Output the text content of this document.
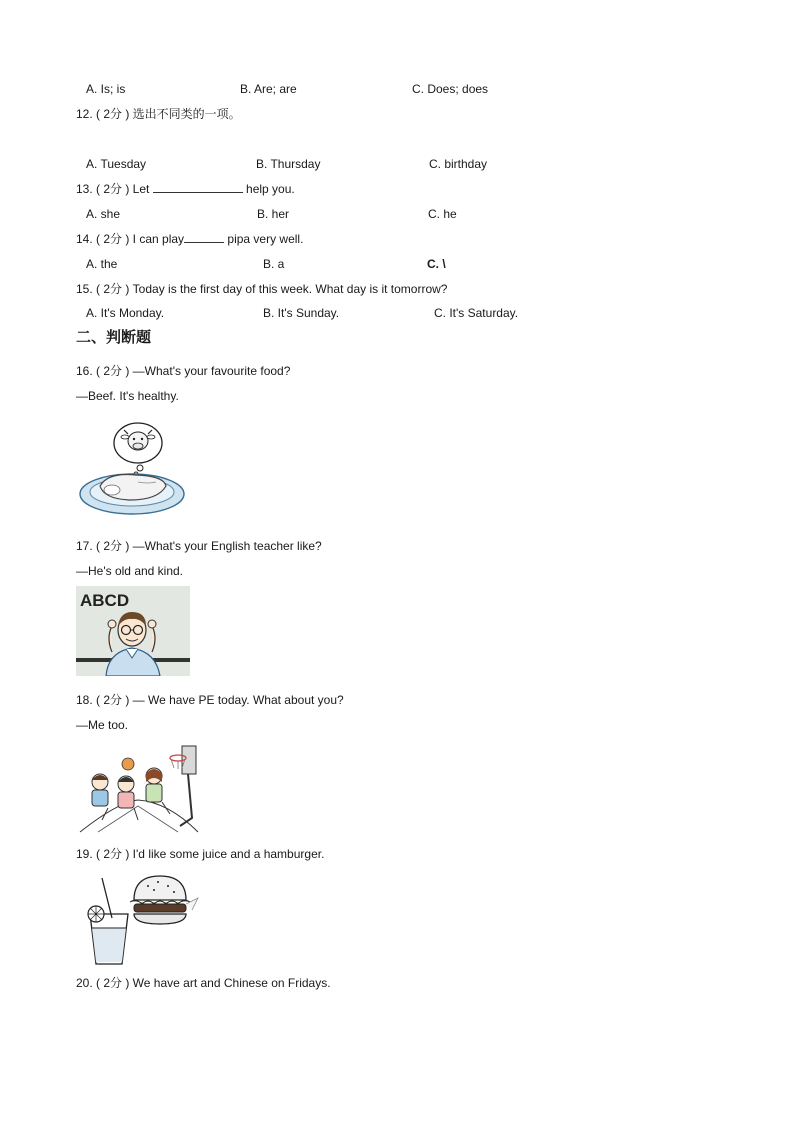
A. Is; is	B. Are; are	C. Does; does
12. ( 2分 ) 选出不同类的一项。
A. Tuesday	B. Thursday	C. birthday
13. ( 2分 ) Let	help you.
A. she	B. her	C. he
14. ( 2分 ) I can play	pipa very well.
A. the	B. a	C. \
15. ( 2分 ) Today is the first day of this week. What day is it tomorrow?
A. It's Monday.	B. It's Sunday.	C. It's Saturday.
二、判断题
16. ( 2分 ) —What's your favourite food?
—Beef. It's healthy.
17. ( 2分 ) —What's your English teacher like?
—He's old and kind.
ABCD
18. ( 2分 ) — We have PE today. What about you?
—Me too.
19. ( 2分 ) I'd like some juice and a hamburger.
20. ( 2分 ) We have art and Chinese on Fridays.
